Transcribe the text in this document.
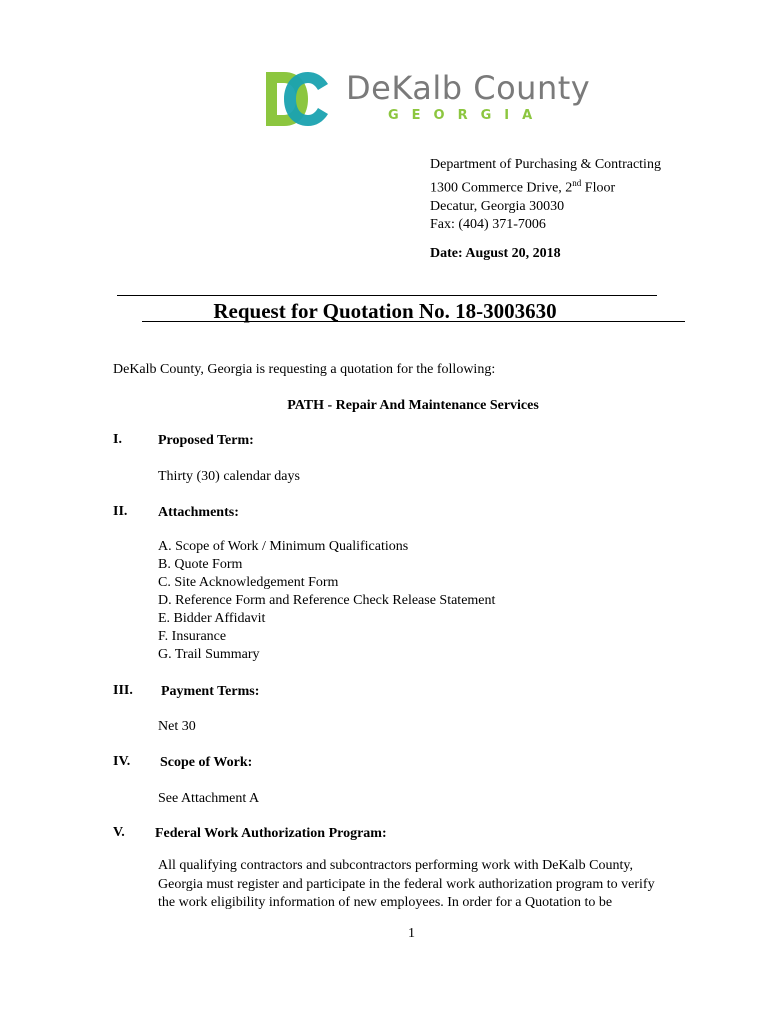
DeKalb County
GEORGIA
Department of Purchasing & Contracting
1300 Commerce Drive, 2nd Floor
Decatur, Georgia 30030
Fax: (404) 371-7006
Date: August 20, 2018
Request for Quotation No. 18-3003630
DeKalb County, Georgia is requesting a quotation for the following:
PATH - Repair And Maintenance Services
I.	Proposed Term:
Thirty (30) calendar days
II. Attachments:
A. Scope of Work / Minimum Qualifications
B. Quote Form
C. Site Acknowledgement Form
D. Reference Form and Reference Check Release Statement
E. Bidder Affidavit
F. Insurance
G. Trail Summary
III. Payment Terms:
Net 30
IV. Scope of Work:
See Attachment A
V. Federal Work Authorization Program:
All qualifying contractors and subcontractors performing work with DeKalb County,
Georgia must register and participate in the federal work authorization program to verify
the work eligibility information of new employees. In order for a Quotation to be
1
